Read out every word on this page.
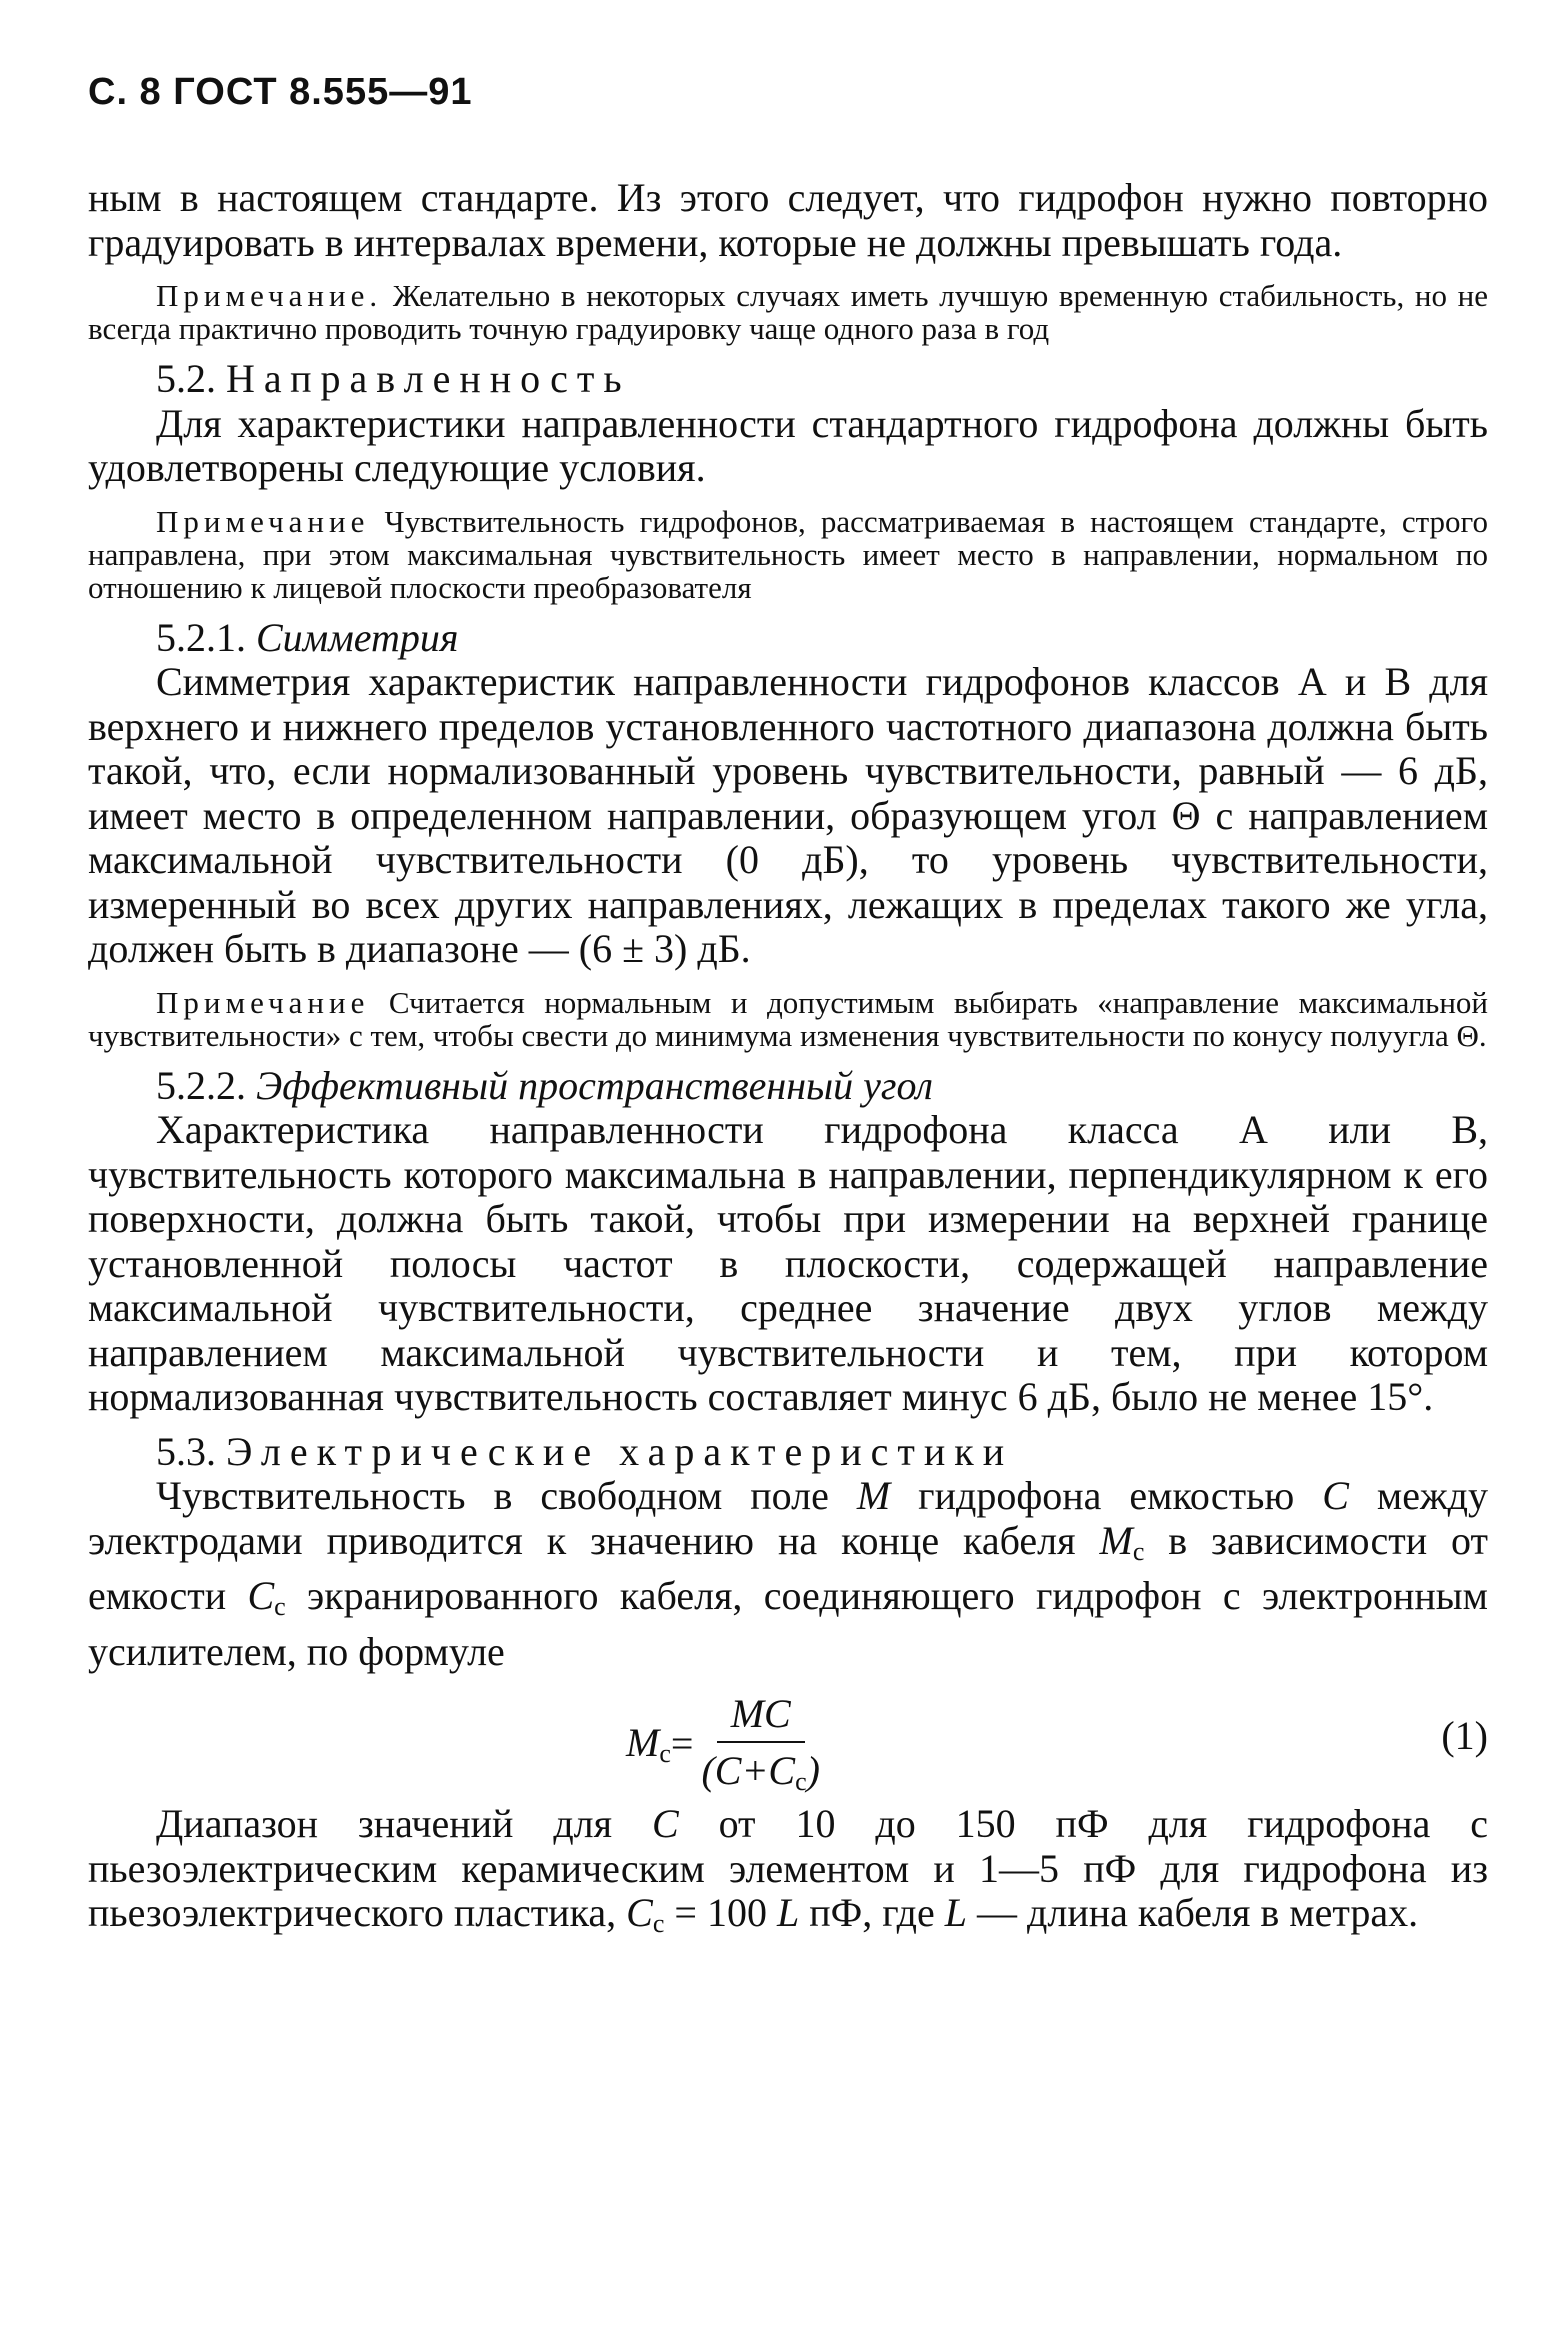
С. 8 ГОСТ 8.555—91

ным в настоящем стандарте. Из этого следует, что гидрофон нужно повторно градуировать в интервалах времени, которые не должны превышать года.

Примечание. Желательно в некоторых случаях иметь лучшую временную стабильность, но не всегда практично проводить точную градуировку чаще одного раза в год

5.2. Направленность

Для характеристики направленности стандартного гидрофона должны быть удовлетворены следующие условия.

Примечание Чувствительность гидрофонов, рассматриваемая в настоящем стандарте, строго направлена, при этом максимальная чувствительность имеет место в направлении, нормальном по отношению к лицевой плоскости преобразователя

5.2.1. Симметрия

Симметрия характеристик направленности гидрофонов классов А и В для верхнего и нижнего пределов установленного частотного диапазона должна быть такой, что, если нормализованный уровень чувствительности, равный — 6 дБ, имеет место в определенном направлении, образующем угол Θ с направлением максимальной чувствительности (0 дБ), то уровень чувствительности, измеренный во всех других направлениях, лежащих в пределах такого же угла, должен быть в диапазоне — (6 ± 3) дБ.

Примечание Считается нормальным и допустимым выбирать «направление максимальной чувствительности» с тем, чтобы свести до минимума изменения чувствительности по конусу полуугла Θ.

5.2.2. Эффективный пространственный угол

Характеристика направленности гидрофона класса А или В, чувствительность которого максимальна в направлении, перпендикулярном к его поверхности, должна быть такой, чтобы при измерении на верхней границе установленной полосы частот в плоскости, содержащей направление максимальной чувствительности, среднее значение двух углов между направлением максимальной чувствительности и тем, при котором нормализованная чувствительность составляет минус 6 дБ, было не менее 15°.

5.3. Электрические характеристики

Чувствительность в свободном поле M гидрофона емкостью C между электродами приводится к значению на конце кабеля $M_c$ в зависимости от емкости $C_c$ экранированного кабеля, соединяющего гидрофон с электронным усилителем, по формуле

$M_c = \frac{MC}{(C+C_c)}$	(1)

Диапазон значений для C от 10 до 150 пФ для гидрофона с пьезоэлектрическим керамическим элементом и 1—5 пФ для гидрофона из пьезоэлектрического пластика, $C_c = 100$ L пФ, где L — длина кабеля в метрах.
